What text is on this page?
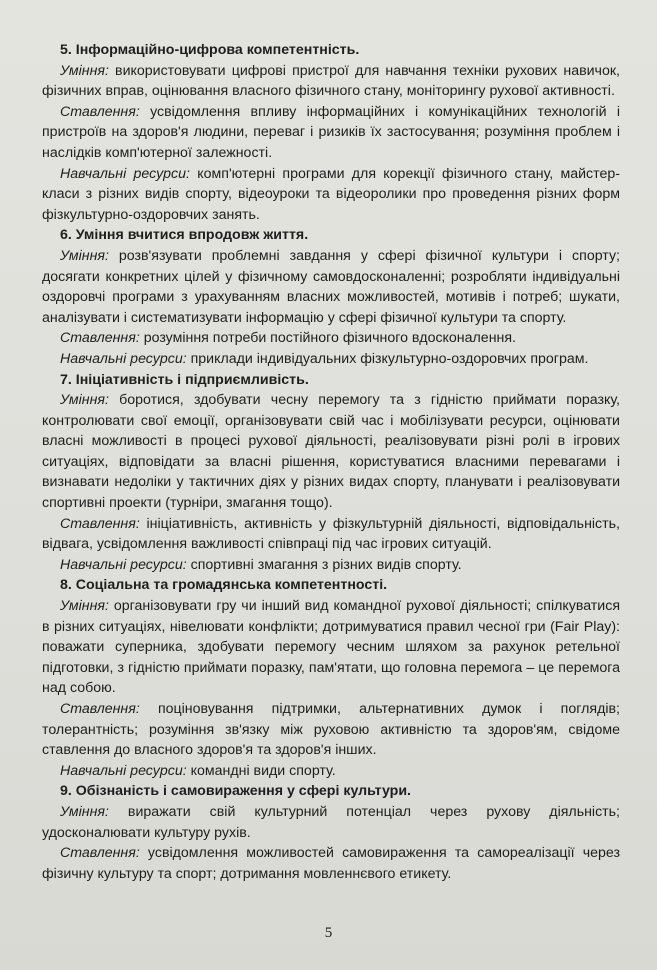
5. Інформаційно-цифрова компетентність.

Уміння: використовувати цифрові пристрої для навчання техніки рухових навичок, фізичних вправ, оцінювання власного фізичного стану, моніторингу рухової активності.

Ставлення: усвідомлення впливу інформаційних і комунікаційних технологій і пристроїв на здоров'я людини, переваг і ризиків їх застосування; розуміння проблем і наслідків комп'ютерної залежності.

Навчальні ресурси: комп'ютерні програми для корекції фізичного стану, майстер-класи з різних видів спорту, відеоуроки та відеоролики про проведення різних форм фізкультурно-оздоровчих занять.

6. Уміння вчитися впродовж життя.

Уміння: розв'язувати проблемні завдання у сфері фізичної культури і спорту; досягати конкретних цілей у фізичному самовдосконаленні; розробляти індивідуальні оздоровчі програми з урахуванням власних можливостей, мотивів і потреб; шукати, аналізувати і систематизувати інформацію у сфері фізичної культури та спорту.

Ставлення: розуміння потреби постійного фізичного вдосконалення.

Навчальні ресурси: приклади індивідуальних фізкультурно-оздоровчих програм.

7. Ініціативність і підприємливість.

Уміння: боротися, здобувати чесну перемогу та з гідністю приймати поразку, контролювати свої емоції, організовувати свій час і мобілізувати ресурси, оцінювати власні можливості в процесі рухової діяльності, реалізовувати різні ролі в ігрових ситуаціях, відповідати за власні рішення, користуватися власними перевагами і визнавати недоліки у тактичних діях у різних видах спорту, планувати і реалізовувати спортивні проекти (турніри, змагання тощо).

Ставлення: ініціативність, активність у фізкультурній діяльності, відповідальність, відвага, усвідомлення важливості співпраці під час ігрових ситуацій.

Навчальні ресурси: спортивні змагання з різних видів спорту.

8. Соціальна та громадянська компетентності.

Уміння: організовувати гру чи інший вид командної рухової діяльності; спілкуватися в різних ситуаціях, нівелювати конфлікти; дотримуватися правил чесної гри (Fair Play): поважати суперника, здобувати перемогу чесним шляхом за рахунок ретельної підготовки, з гідністю приймати поразку, пам'ятати, що головна перемога – це перемога над собою.

Ставлення: поціновування підтримки, альтернативних думок і поглядів; толерантність; розуміння зв'язку між руховою активністю та здоров'ям, свідоме ставлення до власного здоров'я та здоров'я інших.

Навчальні ресурси: командні види спорту.

9. Обізнаність і самовираження у сфері культури.

Уміння: виражати свій культурний потенціал через рухову діяльність; удосконалювати культуру рухів.

Ставлення: усвідомлення можливостей самовираження та самореалізації через фізичну культуру та спорт; дотримання мовленнєвого етикету.

5
